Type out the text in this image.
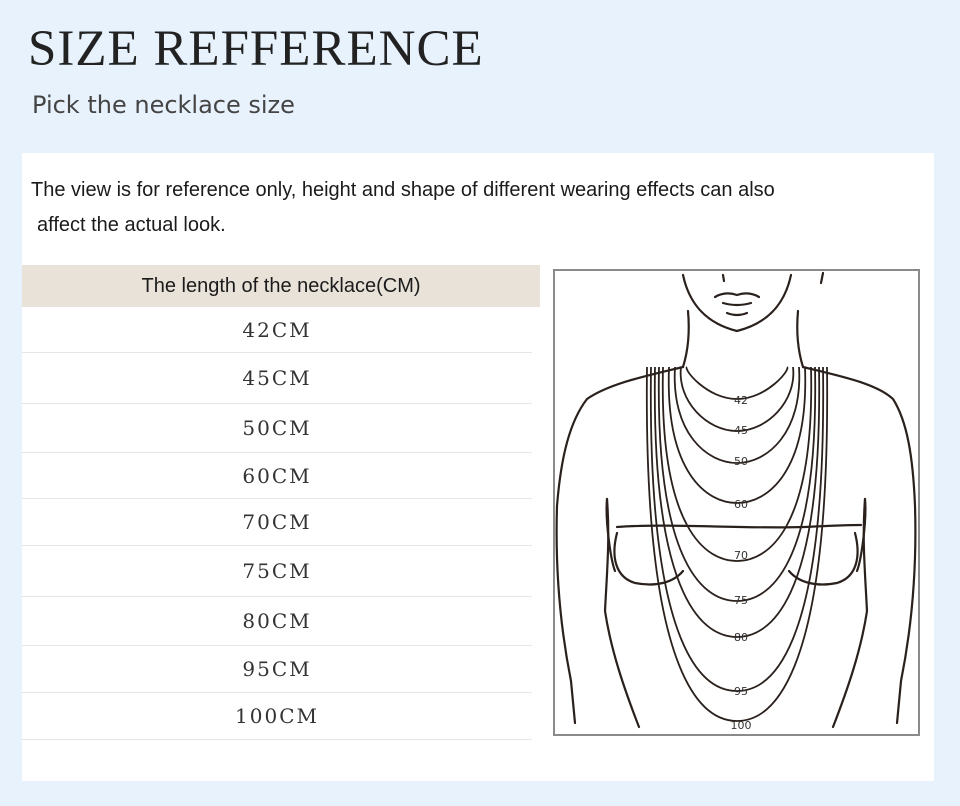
SIZE REFFERENCE
Pick the necklace size
The view is for reference only, height and shape of different wearing effects can also
affect the actual look.
The length of the necklace(CM)
42CM
45CM
50CM
60CM
70CM
75CM
80CM
95CM
100CM
42
45
50
60
70
75
80
95
100
